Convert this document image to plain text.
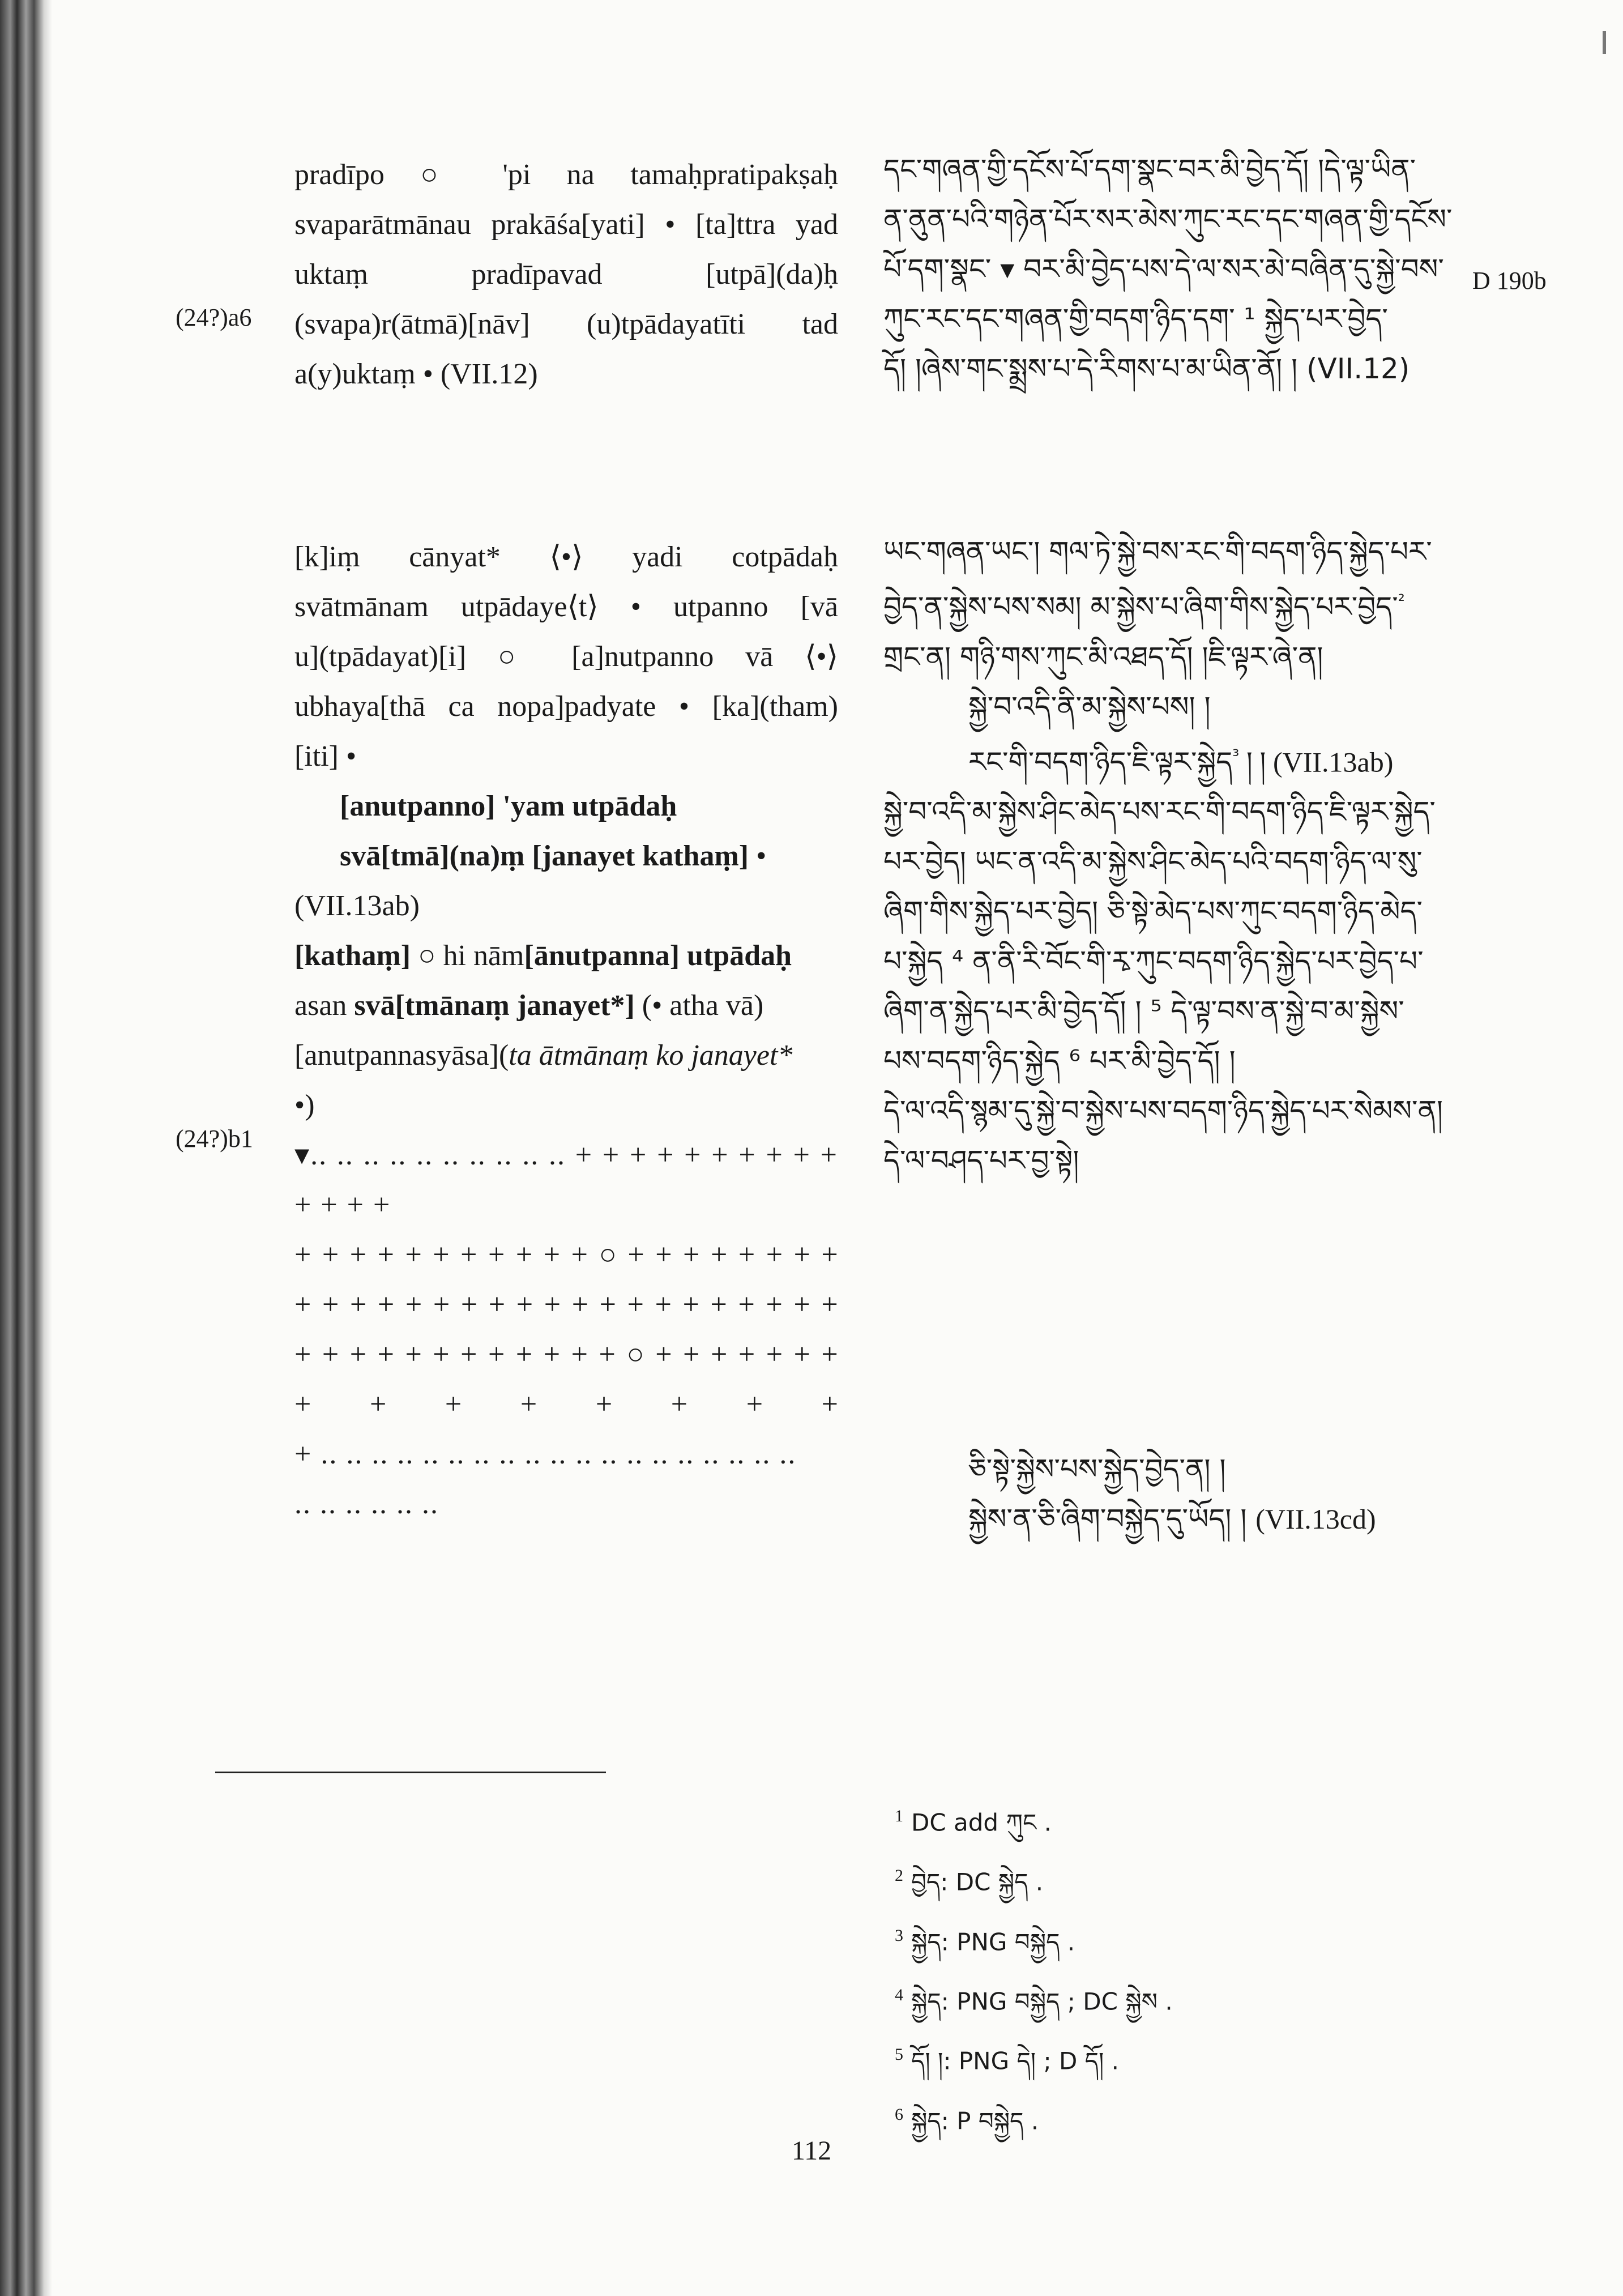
pradīpo ○ 'pi na tamaḥpratipakṣaḥ
svaparātmānau prakāśa[yati] • [ta]ttra yad
uktaṃ pradīpavad [utpā](da)ḥ
(svapa)r(ātmā)[nāv] (u)tpādayatīti tad
a(y)uktaṃ • (VII.12)
(24?)a6
དང་གཞན་གྱི་དངོས་པོ་དག་སྣང་བར་མི་བྱེད་དོ། །དེ་ལྟ་ཡིན་
ན་ནུན་པའི་གཉེན་པོར་སར་མེས་ཀུང་རང་དང་གཞན་གྱི་དངོས་
པོ་དག་སྣང་ ▾ བར་མི་བྱེད་པས་དེ་ལ་སར་མེ་བཞིན་དུ་སྐྱེ་བས་
ཀུང་རང་དང་གཞན་གྱི་བདག་ཉིད་དག་ ¹ སྐྱེད་པར་བྱེད་
དོ། །ཞེས་གང་སྨྲས་པ་དེ་རིགས་པ་མ་ཡིན་ནོ། ། (VII.12)
D 190b
[k]iṃ cānyat* ⟨•⟩ yadi cotpādaḥ
svātmānam utpādaye⟨t⟩ • utpanno [vā
u](tpādayat)[i] ○ [a]nutpanno vā ⟨•⟩
ubhaya[thā ca nopa]padyate • [ka](tham)
[iti] •
[anutpanno] 'yam utpādaḥ
svā[tmā](na)ṃ [janayet kathaṃ] •
(VII.13ab)
[kathaṃ] ○ hi nām[ānutpanna] utpādaḥ
asan svā[tmānaṃ janayet*] (• atha vā)
[anutpannasyāsa](ta ātmānaṃ ko janayet*
•)
▾.. .. .. .. .. .. .. .. .. .. + + + + + + + + + + + + + +
+ + + + + + + + + + + ○ + + + + + + + +
+ + + + + + + + + + + + + + + + + + + +
+ + + + + + + + + + + + ○ + + + + + + +
+ + + + + + + +
+ .. .. .. .. .. .. .. .. .. .. .. .. .. .. .. .. .. .. ..
.. .. .. .. .. ..
(24?)b1
ཡང་གཞན་ཡང་། གལ་ཏེ་སྐྱེ་བས་རང་གི་བདག་ཉིད་སྐྱེད་པར་
བྱེད་ན་སྐྱེས་པས་སམ། མ་སྐྱེས་པ་ཞིག་གིས་སྐྱེད་པར་བྱེད་$^{^2}$
གྲང་ན། གཉི་གས་ཀུང་མི་འཐད་དོ། །ཇི་ལྟར་ཞེ་ན།
སྐྱེ་བ་འདི་ནི་མ་སྐྱེས་པས། །
རང་གི་བདག་ཉིད་ཇི་ལྟར་སྐྱེད$^{^3}$ ། ། (VII.13ab)
སྐྱེ་བ་འདི་མ་སྐྱེས་ཤིང་མེད་པས་རང་གི་བདག་ཉིད་ཇི་ལྟར་སྐྱེད་
པར་བྱེད། ཡང་ན་འདི་མ་སྐྱེས་ཤིང་མེད་པའི་བདག་ཉིད་ལ་སུ་
ཞིག་གིས་སྐྱེད་པར་བྱེད། ཅི་སྟེ་མེད་པས་ཀུང་བདག་ཉིད་མེད་
པ་སྐྱེད ⁴ ན་ནི་རི་བོང་གི་རྭ་ཀུང་བདག་ཉིད་སྐྱེད་པར་བྱེད་པ་
ཞིག་ན་སྐྱེད་པར་མི་བྱེད་དོ། ། ⁵ དེ་ལྟ་བས་ན་སྐྱེ་བ་མ་སྐྱེས་
པས་བདག་ཉིད་སྐྱེད ⁶ པར་མི་བྱེད་དོ། །
དེ་ལ་འདི་སྙམ་དུ་སྐྱེ་བ་སྐྱེས་པས་བདག་ཉིད་སྐྱེད་པར་སེམས་ན།
དེ་ལ་བཤད་པར་བྱ་སྟེ།
ཅི་སྟེ་སྐྱེས་པས་སྐྱེད་བྱེད་ན། །
སྐྱེས་ན་ཅི་ཞིག་བསྐྱེད་དུ་ཡོད། ། (VII.13cd)
$^1$ DC add ཀུང .
$^2$ བྱེད: DC སྐྱེད .
$^3$ སྐྱེད: PNG བསྐྱེད .
$^4$ སྐྱེད: PNG བསྐྱེད ; DC སྐྱེས .
$^5$ དོ། །: PNG དེ། ; D དོ། .
$^6$ སྐྱེད: P བསྐྱེད .
112
